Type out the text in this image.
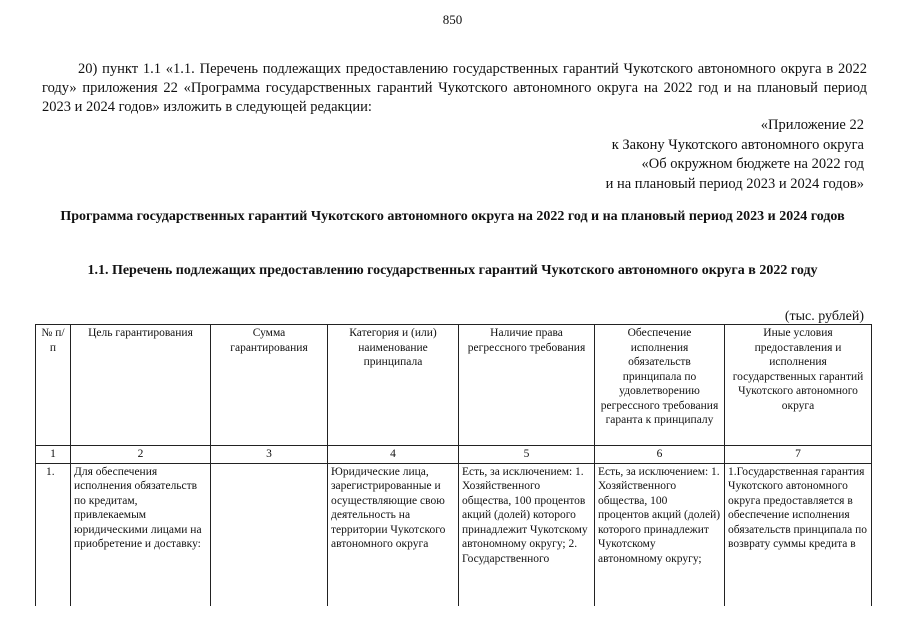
850
20) пункт 1.1 «1.1. Перечень подлежащих предоставлению государственных гарантий Чукотского автономного округа в 2022 году» приложения 22 «Программа государственных гарантий Чукотского автономного округа на 2022 год и на плановый период 2023 и 2024 годов» изложить в следующей редакции:
«Приложение 22
к Закону Чукотского автономного округа
«Об окружном бюджете на 2022 год
и на плановый период 2023 и 2024 годов»
Программа государственных гарантий Чукотского автономного округа на 2022 год и на плановый период 2023 и 2024 годов
1.1. Перечень подлежащих предоставлению государственных гарантий Чукотского автономного округа в 2022 году
(тыс. рублей)
№ п/п	Цель гарантирования	Сумма гарантирования	Категория и (или) наименование принципала	Наличие права регрессного требования	Обеспечение исполнения обязательств принципала по удовлетворению регрессного требования гаранта к принципалу	Иные условия предоставления и исполнения государственных гарантий Чукотского автономного округа
1	2	3	4	5	6	7
1.	Для обеспечения исполнения обязательств по кредитам, привлекаемым юридическими лицами на приобретение и доставку:		Юридические лица, зарегистрированные и осуществляющие свою деятельность на территории Чукотского автономного округа	Есть, за исключением: 1. Хозяйственного общества, 100 процентов акций (долей) которого принадлежит Чукотскому автономному округу; 2. Государственного	Есть, за исключением: 1. Хозяйственного общества, 100 процентов акций (долей) которого принадлежит Чукотскому автономному округу;	1.Государственная гарантия Чукотского автономного округа предоставляется в обеспечение исполнения обязательств принципала по возврату суммы кредита в
